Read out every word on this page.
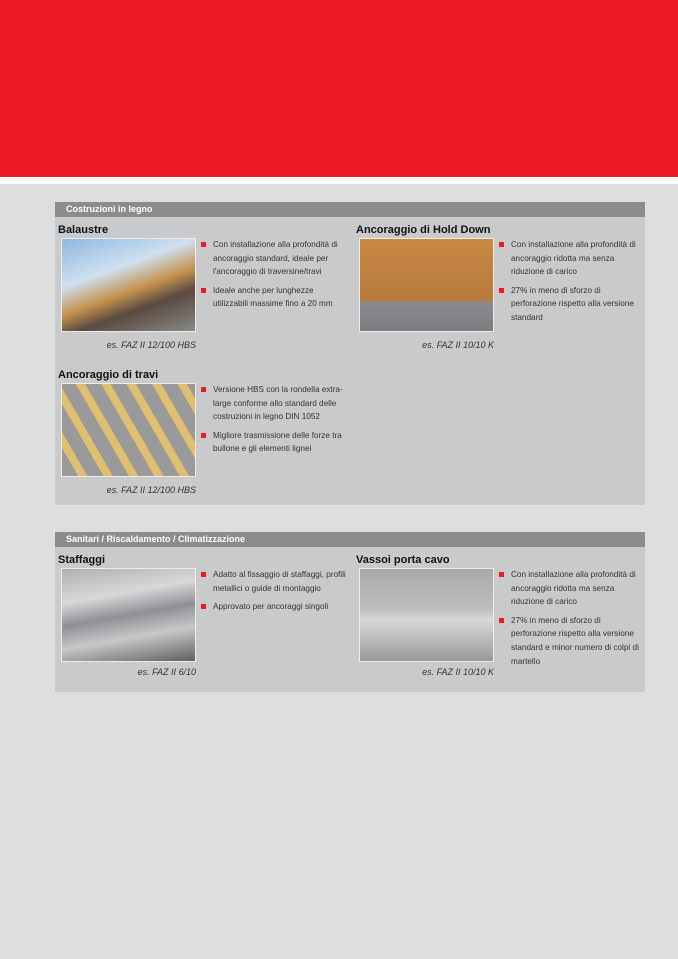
Costruzioni in legno
Balaustre
es. FAZ II 12/100 HBS
Con installazione alla profondità di ancoraggio standard, ideale per l'ancoraggio di traversine/travi
Ideale anche per lunghezze utilizzabili massime fino a 20 mm
Ancoraggio di Hold Down
es. FAZ II 10/10 K
Con installazione alla profondità di ancoraggio ridotta ma senza riduzione di carico
27% in meno di sforzo di perforazione rispetto alla versione standard
Ancoraggio di travi
es. FAZ II 12/100 HBS
Versione HBS con la rondella extra-large conforme allo standard delle costruzioni in legno DIN 1052
Migliore trasmissione delle forze tra bullone e gli elementi lignei
Sanitari / Riscaldamento / Climatizzazione
Staffaggi
es. FAZ II 6/10
Adatto al fissaggio di staffaggi, profili metallici o guide di montaggio
Approvato per ancoraggi singoli
Vassoi porta cavo
es. FAZ II 10/10 K
Con installazione alla profondità di ancoraggio ridotta ma senza riduzione di carico
27% in meno di sforzo di perforazione rispetto alla versione standard e minor numero di colpi di martello
